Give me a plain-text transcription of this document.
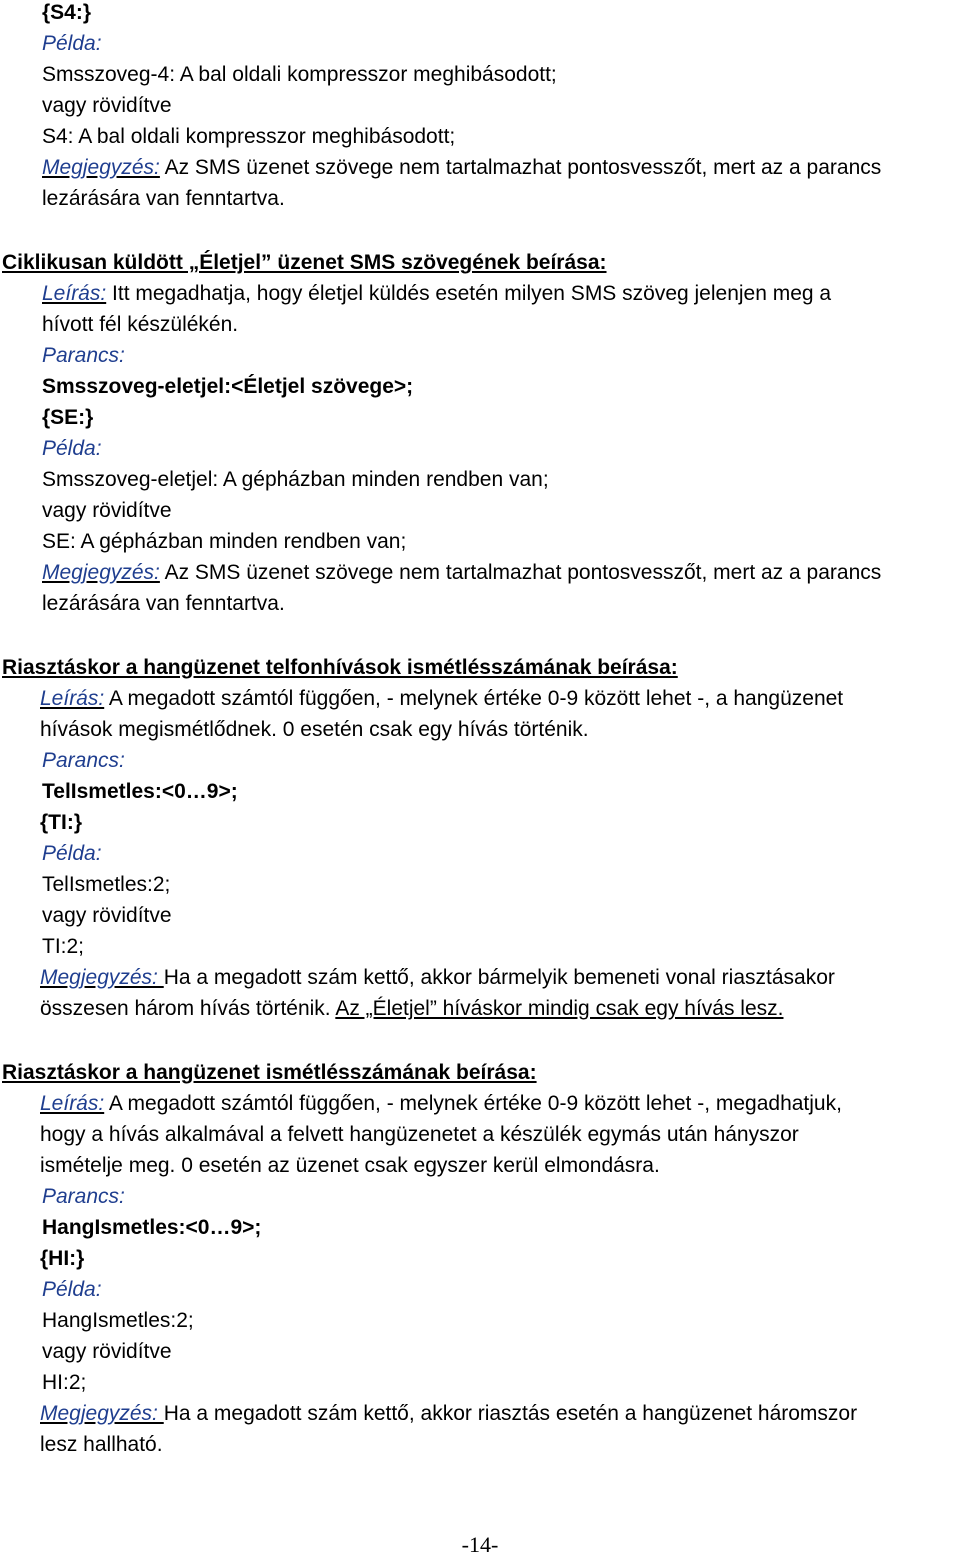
{S4:}
Példa:
Smsszoveg-4: A bal oldali kompresszor meghibásodott;
vagy rövidítve
S4: A bal oldali kompresszor meghibásodott;
Megjegyzés: Az SMS üzenet szövege nem tartalmazhat pontosvesszőt, mert az a parancs
lezárására van fenntartva.
Ciklikusan küldött „Életjel” üzenet SMS szövegének beírása:
Leírás: Itt megadhatja, hogy életjel küldés esetén milyen SMS szöveg jelenjen meg a
hívott fél készülékén.
Parancs:
Smsszoveg-eletjel:<Életjel szövege>;
{SE:}
Példa:
Smsszoveg-eletjel: A gépházban minden rendben van;
vagy rövidítve
SE: A gépházban minden rendben van;
Megjegyzés: Az SMS üzenet szövege nem tartalmazhat pontosvesszőt, mert az a parancs
lezárására van fenntartva.
Riasztáskor a hangüzenet telfonhívások ismétlésszámának beírása:
Leírás: A megadott számtól függően, - melynek értéke 0-9 között lehet -, a hangüzenet
hívások megismétlődnek. 0 esetén csak egy hívás történik.
Parancs:
TelIsmetles:<0…9>;
{TI:}
Példa:
TelIsmetles:2;
vagy rövidítve
TI:2;
Megjegyzés: Ha a megadott szám kettő, akkor bármelyik bemeneti vonal riasztásakor
összesen három hívás történik. Az „Életjel” híváskor mindig csak egy hívás lesz.
Riasztáskor a hangüzenet ismétlésszámának beírása:
Leírás: A megadott számtól függően, - melynek értéke 0-9 között lehet -, megadhatjuk,
hogy a hívás alkalmával a felvett hangüzenetet a készülék egymás után hányszor
ismételje meg. 0 esetén az üzenet csak egyszer kerül elmondásra.
Parancs:
HangIsmetles:<0…9>;
{HI:}
Példa:
HangIsmetles:2;
vagy rövidítve
HI:2;
Megjegyzés: Ha a megadott szám kettő, akkor riasztás esetén a hangüzenet háromszor
lesz hallható.
-14-
